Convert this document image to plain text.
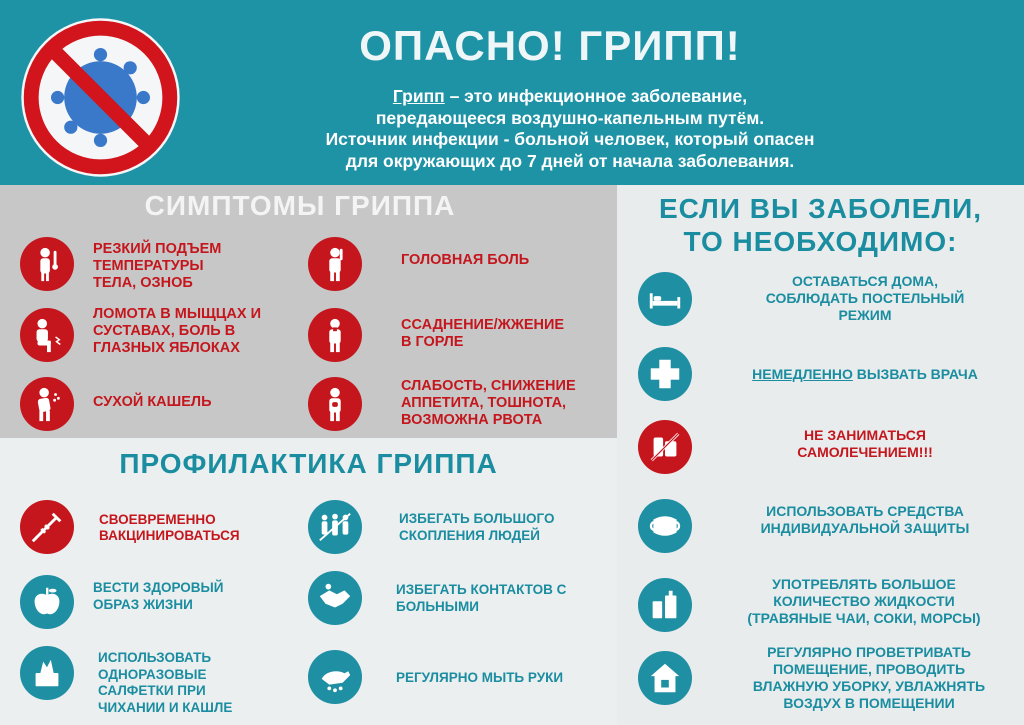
ОПАСНО! ГРИПП!
Грипп – это инфекционное заболевание,
передающееся воздушно-капельным путём.
Источник инфекции - больной человек, который опасен
для окружающих до 7 дней от начала заболевания.
СИМПТОМЫ ГРИППА
РЕЗКИЙ ПОДЪЕМ
ТЕМПЕРАТУРЫ
ТЕЛА, ОЗНОБ
ГОЛОВНАЯ БОЛЬ
ЛОМОТА В МЫЩЦАХ И
СУСТАВАХ, БОЛЬ В
ГЛАЗНЫХ ЯБЛОКАХ
ССАДНЕНИЕ/ЖЖЕНИЕ
В ГОРЛЕ
СУХОЙ КАШЕЛЬ
СЛАБОСТЬ, СНИЖЕНИЕ
АППЕТИТА, ТОШНОТА,
ВОЗМОЖНА РВОТА
ПРОФИЛАКТИКА ГРИППА
СВОЕВРЕМЕННО
ВАКЦИНИРОВАТЬСЯ
ИЗБЕГАТЬ БОЛЬШОГО
СКОПЛЕНИЯ ЛЮДЕЙ
ВЕСТИ ЗДОРОВЫЙ
ОБРАЗ ЖИЗНИ
ИЗБЕГАТЬ КОНТАКТОВ С
БОЛЬНЫМИ
ИСПОЛЬЗОВАТЬ
ОДНОРАЗОВЫЕ
САЛФЕТКИ ПРИ
ЧИХАНИИ И КАШЛЕ
РЕГУЛЯРНО МЫТЬ РУКИ
ЕСЛИ ВЫ ЗАБОЛЕЛИ,
ТО НЕОБХОДИМО:
ОСТАВАТЬСЯ ДОМА,
СОБЛЮДАТЬ ПОСТЕЛЬНЫЙ
РЕЖИМ
НЕМЕДЛЕННО ВЫЗВАТЬ ВРАЧА
НЕ ЗАНИМАТЬСЯ
САМОЛЕЧЕНИЕМ!!!
ИСПОЛЬЗОВАТЬ СРЕДСТВА
ИНДИВИДУАЛЬНОЙ ЗАЩИТЫ
УПОТРЕБЛЯТЬ БОЛЬШОЕ
КОЛИЧЕСТВО ЖИДКОСТИ
(ТРАВЯНЫЕ ЧАИ, СОКИ, МОРСЫ)
РЕГУЛЯРНО ПРОВЕТРИВАТЬ
ПОМЕЩЕНИЕ, ПРОВОДИТЬ
ВЛАЖНУЮ УБОРКУ, УВЛАЖНЯТЬ
ВОЗДУХ В ПОМЕЩЕНИИ
